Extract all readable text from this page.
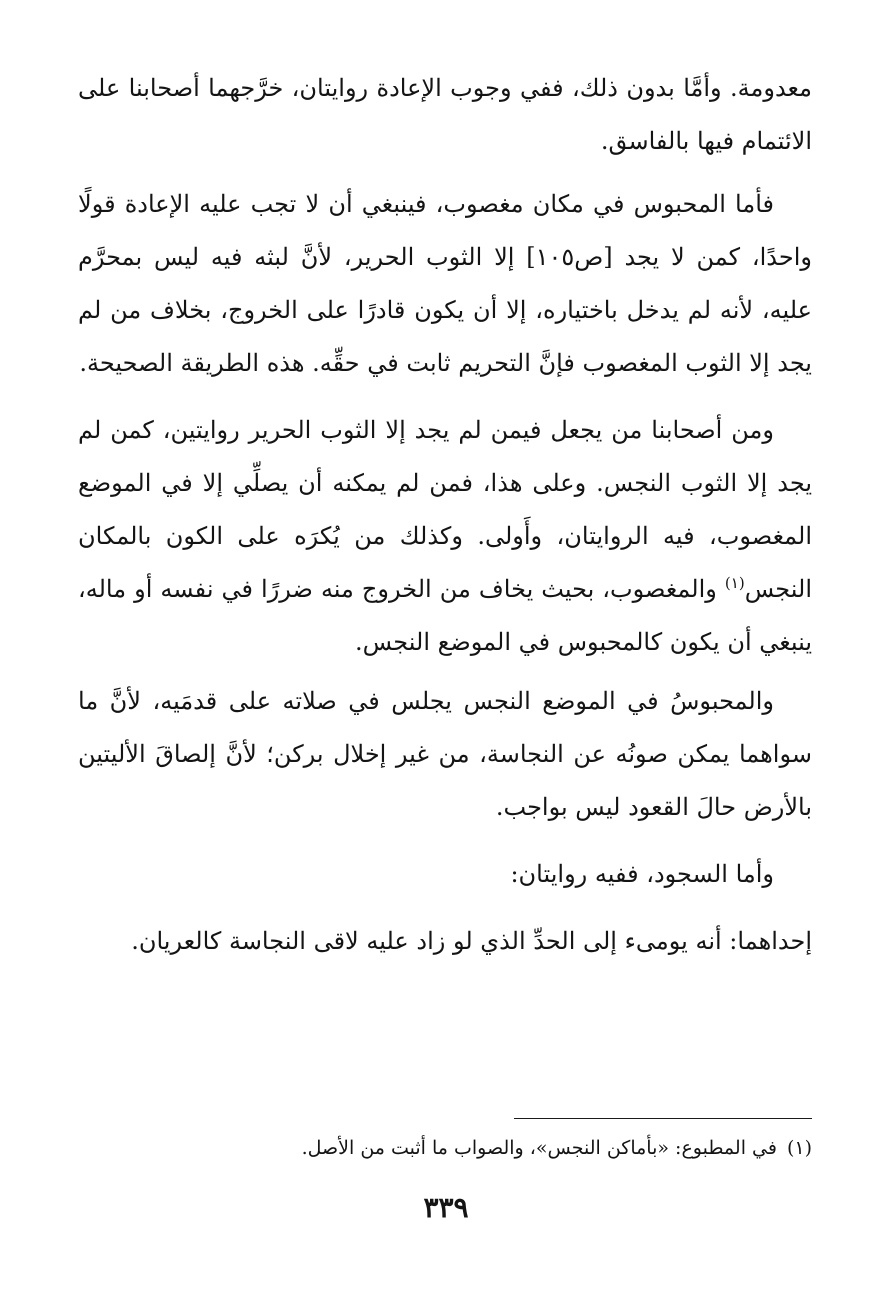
معدومة. وأمَّا بدون ذلك، ففي وجوب الإعادة روايتان، خرَّجهما أصحابنا على الائتمام فيها بالفاسق.

فأما المحبوس في مكان مغصوب، فينبغي أن لا تجب عليه الإعادة قولًا واحدًا، كمن لا يجد [ص١٠٥] إلا الثوب الحرير، لأنَّ لبثه فيه ليس بمحرَّم عليه، لأنه لم يدخل باختياره، إلا أن يكون قادرًا على الخروج، بخلاف من لم يجد إلا الثوب المغصوب فإنَّ التحريم ثابت في حقِّه. هذه الطريقة الصحيحة.

ومن أصحابنا من يجعل فيمن لم يجد إلا الثوب الحرير روايتين، كمن لم يجد إلا الثوب النجس. وعلى هذا، فمن لم يمكنه أن يصلِّي إلا في الموضع المغصوب، فيه الروايتان، وأَولى. وكذلك من يُكرَه على الكون بالمكان النجس$^{(١)}$ والمغصوب، بحيث يخاف من الخروج منه ضررًا في نفسه أو ماله، ينبغي أن يكون كالمحبوس في الموضع النجس.

والمحبوسُ في الموضع النجس يجلس في صلاته على قدمَيه، لأنَّ ما سواهما يمكن صونُه عن النجاسة، من غير إخلال بركن؛ لأنَّ إلصاقَ الأليتين بالأرض حالَ القعود ليس بواجب.

وأما السجود، ففيه روايتان:

إحداهما: أنه يومىء إلى الحدِّ الذي لو زاد عليه لاقى النجاسة كالعريان.

(١)في المطبوع: «بأماكن النجس»، والصواب ما أثبت من الأصل.

٣٣٩
